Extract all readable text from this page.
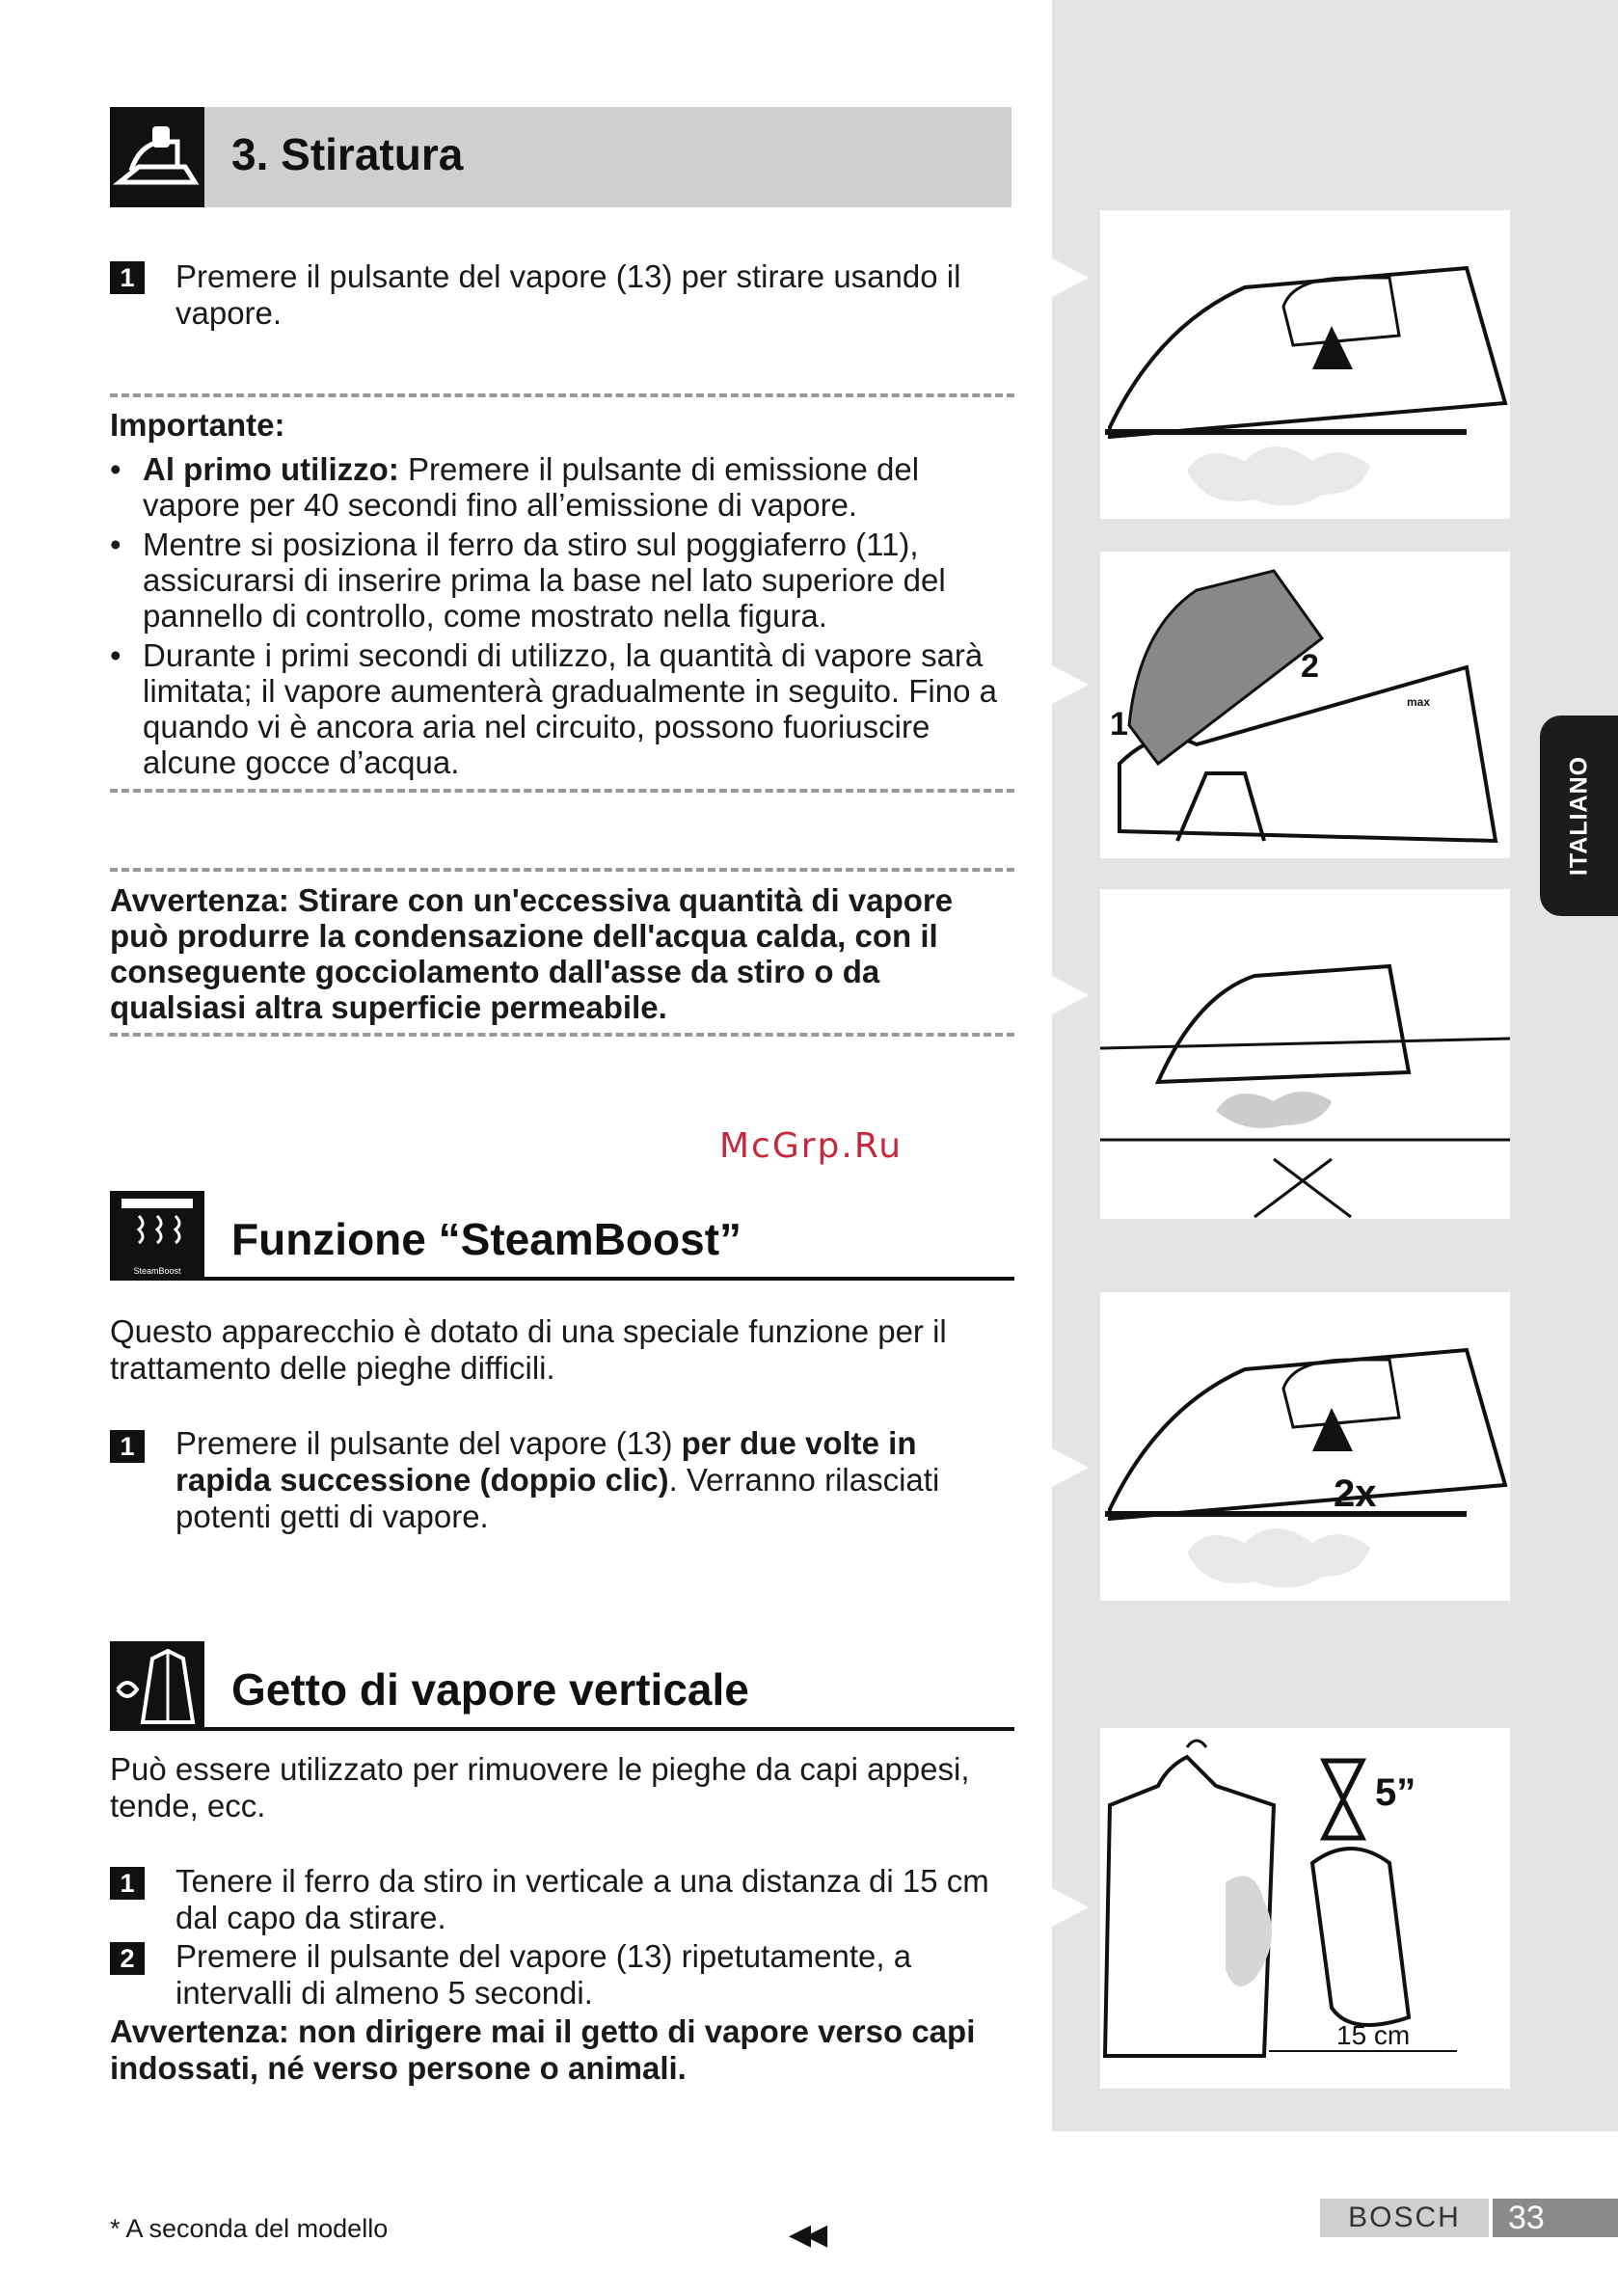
ITALIANO
3. Stiratura
1	Premere il pulsante del vapore (13) per stirare usando il vapore.
Importante:
• Al primo utilizzo: Premere il pulsante di emissione del vapore per 40 secondi fino all’emissione di vapore.
• Mentre si posiziona il ferro da stiro sul poggiaferro (11), assicurarsi di inserire prima la base nel lato superiore del pannello di controllo, come mostrato nella figura.
• Durante i primi secondi di utilizzo, la quantità di vapore sarà limitata; il vapore aumenterà gradualmente in seguito. Fino a quando vi è ancora aria nel circuito, possono fuoriuscire alcune gocce d’acqua.
Avvertenza: Stirare con un'eccessiva quantità di vapore può produrre la condensazione dell'acqua calda, con il conseguente gocciolamento dall'asse da stiro o da qualsiasi altra superficie permeabile.
McGrp.Ru
SteamBoost
Funzione “SteamBoost”
Questo apparecchio è dotato di una speciale funzione per il trattamento delle pieghe difficili.
1	Premere il pulsante del vapore (13) per due volte in rapida successione (doppio clic). Verranno rilasciati potenti getti di vapore.
Getto di vapore verticale
Può essere utilizzato per rimuovere le pieghe da capi appesi, tende, ecc.
1	Tenere il ferro da stiro in verticale a una distanza di 15 cm dal capo da stirare.
2	Premere il pulsante del vapore (13) ripetutamente, a intervalli di almeno 5 secondi.
Avvertenza: non dirigere mai il getto di vapore verso capi indossati, né verso persone o animali.
1
2
max
2x
5”
15 cm
* A seconda del modello	◀◀
BOSCH	33
